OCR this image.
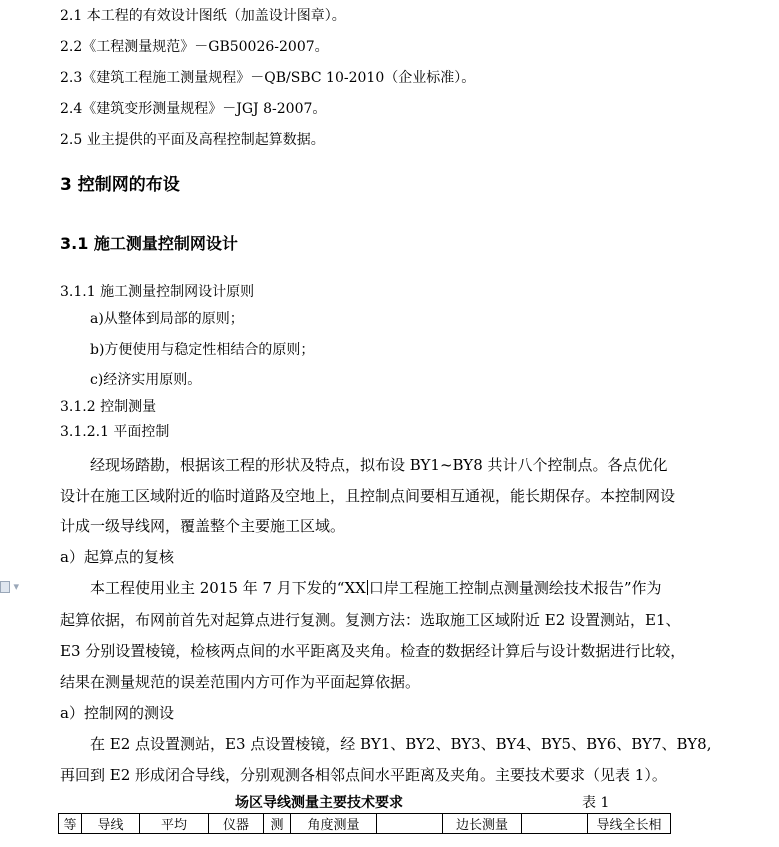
▾
2.1 本工程的有效设计图纸（加盖设计图章）。
2.2《工程测量规范》－GB50026-2007。
2.3《建筑工程施工测量规程》－QB/SBC 10-2010（企业标准）。
2.4《建筑变形测量规程》－JGJ 8-2007。
2.5 业主提供的平面及高程控制起算数据。
3 控制网的布设
3.1 施工测量控制网设计
3.1.1 施工测量控制网设计原则
a)从整体到局部的原则；
b)方便使用与稳定性相结合的原则；
c)经济实用原则。
3.1.2 控制测量
3.1.2.1 平面控制
经现场踏勘，根据该工程的形状及特点，拟布设 BY1~BY8 共计八个控制点。各点优化
设计在施工区域附近的临时道路及空地上，且控制点间要相互通视，能长期保存。本控制网设
计成一级导线网，覆盖整个主要施工区域。
a）起算点的复核
本工程使用业主 2015 年 7 月下发的“XX 口岸工程施工控制点测量测绘技术报告”作为
起算依据，布网前首先对起算点进行复测。复测方法：选取施工区域附近 E2 设置测站，E1、
E3 分别设置棱镜，检核两点间的水平距离及夹角。检查的数据经计算后与设计数据进行比较，
结果在测量规范的误差范围内方可作为平面起算依据。
a）控制网的测设
在 E2 点设置测站，E3 点设置棱镜，经 BY1、BY2、BY3、BY4、BY5、BY6、BY7、BY8,
再回到 E2 形成闭合导线，分别观测各相邻点间水平距离及夹角。主要技术要求（见表 1）。
场区导线测量主要技术要求	表 1
等	导线	平均	仪器	测	角度测量		边长测量		导线全长相	
